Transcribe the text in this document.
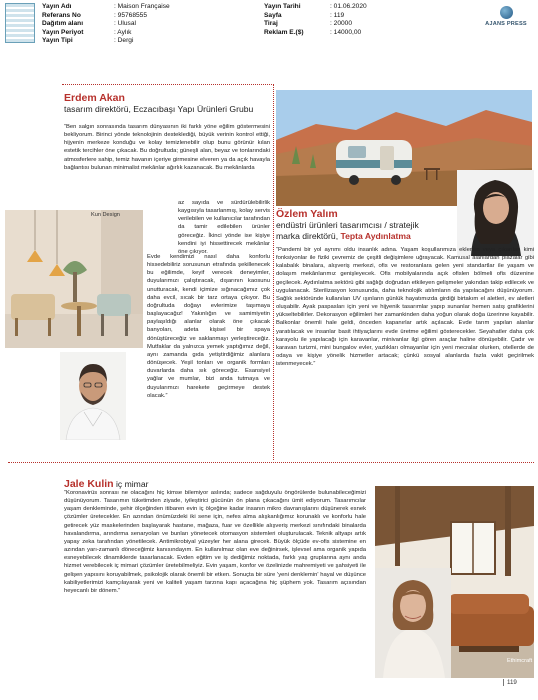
Yayın Adı	: Maison Française
Referans No	: 95768555
Dağıtım alanı	: Ulusal
Yayın Periyot	: Aylık
Yayın Tipi	: Dergi
Yayın Tarihi	: 01.06.2020
Sayfa	: 119
Tiraj	: 20000
Reklam E.($)	: 14000,00
AJANS PRESS
Erdem Akan
tasarım direktörü, Eczacıbaşı Yapı Ürünleri Grubu
“Ben salgın sonrasında tasarım dünyasının iki farklı yöne eğilim göstermesini bekliyorum. Birinci yönde teknolojinin desteklediği, büyük verinin kontrol ettiği, hijyenin merkeze konduğu ve kolay temizlenebilir olup bunu görünür kılan estetik tercihler öne çıkacak. Bu doğrultuda; güneşli alan, beyaz ve tonlarındaki atmosferlere sahip, temiz havanın içeriye girmesine elveren ya da açık havayla bağlantısı bulunan minimalist mekânlar ağırlık kazanacak. Bu mekânlarda
az sayıda ve sürdürülebilirlik kaygısıyla tasarlanmış, kolay servis verilebilen ve kullanıcılar tarafından da tamir edilebilen ürünler göreceğiz. İkinci yönde ise kişiye kendini iyi hissettirecek mekânlar öne çıkıyor.
Evde kendimizi nasıl daha konforlu hissedebiliriz sorusunun etrafında şekillenecek bu eğilimde, keyif verecek deneyimler, duyularımızı çalıştıracak, dışarının kaosunu unutturacak, kendi içimize sığınacağımız çok daha evcil, sıcak bir tarz ortaya çıkıyor. Bu doğrultuda doğayı evlerimize taşımaya başlayacağız! Yakınlığın ve samimiyetin paylaşıldığı alanlar olarak öne çıkacak banyoları, adeta kişisel bir spaya dönüştüreceğiz ve saklanmayı yerleştireceğiz. Mutfaklar da yalnızca yemek yaptığımız değil, aynı zamanda gıda yetiştirdiğimiz alanlara dönüşecek. Yeşil tonları ve organik formları duvarlarda daha sık göreceğiz. Esansiyel yağlar ve mumlar, bizi anda tutmaya ve duyularımızı harekete geçirmeye destek olacak.”
Kun Design	Özlem Yalım
endüstri ürünleri tasarımcısı / stratejik
marka direktörü, Tepta Aydınlatma
“Pandemi bir yol ayrımı oldu insanlık adına. Yaşam koşullarımıza eklenen veya çıkarılan kimi fonksiyonlar ile fiziki çevremiz de çeşitli değişimlere uğrayacak. Kamusal alanlardan plazalar gibi kalabalık binalara, alışveriş merkezi, ofis ve restoranlara gelen yeni standartlar ile yaşam ve dolaşım mekânlarımız genişleyecek. Ofis mobilyalarında açık ofislen bölmeli ofis düzenine geçilecek. Aydınlatma sektörü gibi sağlığı doğrudan etkileyen gelişmeler yakından takip edilecek ve uygulanacak. Sterilizasyon konusunda, daha teknolojik atılımların da yapılacağını düşünüyorum. Sağlık sektöründe kullanılan UV ışınların günlük hayatımızda girdiği birtakım el aletleri, ev aletleri oluşabilir. Ayak paspasları için yeni ve hijyenik tasarımlar yapıp sunanlar hemen satış grafiklerini yükseltebilirler. Dekorasyon eğilimleri her zamankinden daha yoğun olarak doğa üzerinne kayabilir. Balkonlar önemli hale geldi, önceden kapanırlar artık açılacak. Evde tarım yapılan alanlar yaratılacak ve insanlar basit ihtiyaçlarını evde üretme eğilimi gösterecekler. Seyahatler daha çok karayolu ile yapılacağı için karavanlar, minivanlar ilgi gören araçlar haline dönüşebilir. Çadır ve karavan turizmi, mini bungalov evler, yazlıkları olmayanlar için yeni mecralar olurken, otellerde de odaya ve kişiye yönelik hizmetler artacak; çünkü sosyal alanlarda fazla vakit geçirilmek istenmeyecek.”
Jale Kulin iç mimar
“Koronavirüs sonrası ne olacağını hiç kimse bilemiyor aslında; sadece sağduyulu öngörülerde bulunabileceğimizi düşünüyorum. Tasarımın tüketimden ziyade, iyileştirici gücünün ön plana çıkacağını ümit ediyorum. Tasarımcılar yaşam denkleminde, şehir ölçeğinden itibaren evin iç ölçeğine kadar insanın mikro davranışlarını düşünerek esnek çözümler üretecekler. En azından önümüzdeki iki sene için, nefes alma alışkanlığımız korunaklı ve konforlu hale getirecek yüz maskelerinden başlayarak hastane, mağaza, fuar ve özellikle alışveriş merkezi sınıfındaki binalarda havalandırma, arındırma senaryoları ve bunları yönetecek otomasyon sistemleri oluşturulacak. Teknik altyapı artık yapay zeka tarafından yönetilecek. Antimikrobiyal yüzeyler her alana girecek. Büyük ölçüde ev-ofis sistemine en azından yarı-zamanlı döneceğimiz kanısındayım. En kullanılmaz olan eve değinirsek, işlevsel ama organik yapıda esneyebilecek dinamiklerde tasarlanacak. Evden eğitim ve iş dediğimiz noktada, farklı yaş gruplarına aynı anda hizmet verebilecek iç mimari çözümler üretebilmeliyiz. Evin yaşam, konfor ve özelinizde mahremiyeti ve şahsiyeti ile gelişen yapısını koruyabilmek, psikolojik olarak önemli bir etken. Sonuçta bir süre 'yeni denklemin' hayal ve düşünce kabiliyetlerimizi kamçılayarak yeni ve kaliteli yaşam tarzına kapı açacağına hiç şüphem yok. Tasarım açısından heyecanlı bir dönem.”
Ethimcraft
119
